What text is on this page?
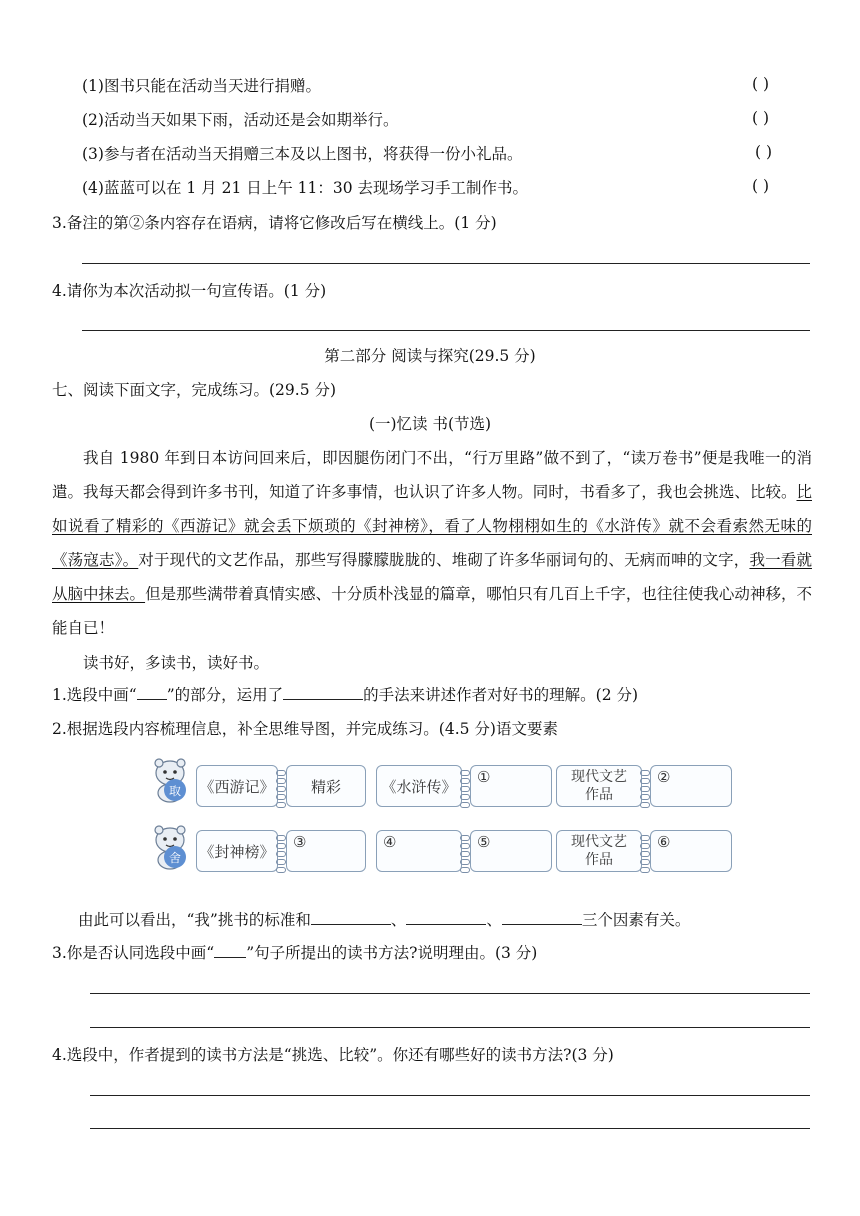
(1)图书只能在活动当天进行捐赠。	( )
(2)活动当天如果下雨，活动还是会如期举行。	( )
(3)参与者在活动当天捐赠三本及以上图书，将获得一份小礼品。	( )
(4)蓝蓝可以在 1 月 21 日上午 11：30 去现场学习手工制作书。	( )
3.备注的第②条内容存在语病，请将它修改后写在横线上。(1 分)
4.请你为本次活动拟一句宣传语。(1 分)
第二部分 阅读与探究(29.5 分)
七、阅读下面文字，完成练习。(29.5 分)
(一)忆读 书(节选)
我自 1980 年到日本访问回来后，即因腿伤闭门不出，“行万里路”做不到了，“读万卷书”便是我唯一的消遣。我每天都会得到许多书刊，知道了许多事情，也认识了许多人物。同时，书看多了，我也会挑选、比较。比如说看了精彩的《西游记》就会丢下烦琐的《封神榜》，看了人物栩栩如生的《水浒传》就不会看索然无味的《荡寇志》。对于现代的文艺作品，那些写得朦朦胧胧的、堆砌了许多华丽词句的、无病而呻的文字，我一看就从脑中抹去。但是那些满带着真情实感、十分质朴浅显的篇章，哪怕只有几百上千字，也往往使我心动神移，不能自已！
读书好，多读书，读好书。
1.选段中画“ ”的部分，运用了	的手法来讲述作者对好书的理解。(2 分)
2.根据选段内容梳理信息，补全思维导图，并完成练习。(4.5 分)语文要素
取	《西游记》	精彩	《水浒传》
①	现代文艺作品
②
舍	《封神榜》
③	④	⑤	现代文艺作品
⑥
由此可以看出，“我”挑书的标准和	、	、	三个因素有关。
3.你是否认同选段中画“ ”句子所提出的读书方法?说明理由。(3 分)
4.选段中，作者提到的读书方法是“挑选、比较”。你还有哪些好的读书方法?(3 分)
